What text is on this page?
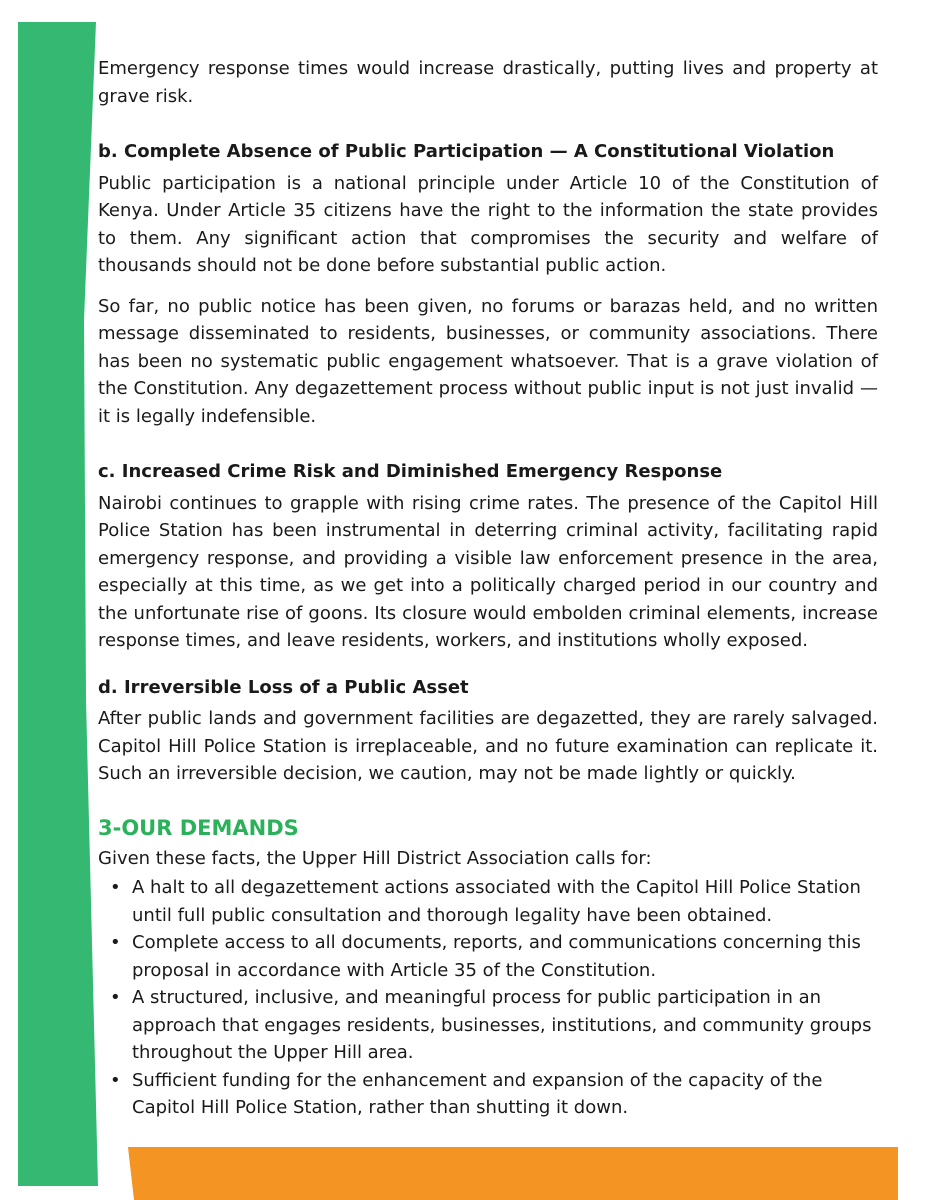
Emergency response times would increase drastically, putting lives and property at grave risk.

b. Complete Absence of Public Participation — A Constitutional Violation

Public participation is a national principle under Article 10 of the Constitution of Kenya. Under Article 35 citizens have the right to the information the state provides to them. Any significant action that compromises the security and welfare of thousands should not be done before substantial public action.

So far, no public notice has been given, no forums or barazas held, and no written message disseminated to residents, businesses, or community associations. There has been no systematic public engagement whatsoever. That is a grave violation of the Constitution. Any degazettement process without public input is not just invalid — it is legally indefensible.

c. Increased Crime Risk and Diminished Emergency Response

Nairobi continues to grapple with rising crime rates. The presence of the Capitol Hill Police Station has been instrumental in deterring criminal activity, facilitating rapid emergency response, and providing a visible law enforcement presence in the area, especially at this time, as we get into a politically charged period in our country and the unfortunate rise of goons. Its closure would embolden criminal elements, increase response times, and leave residents, workers, and institutions wholly exposed.

d. Irreversible Loss of a Public Asset

After public lands and government facilities are degazetted, they are rarely salvaged. Capitol Hill Police Station is irreplaceable, and no future examination can replicate it. Such an irreversible decision, we caution, may not be made lightly or quickly.

3-OUR DEMANDS

Given these facts, the Upper Hill District Association calls for:

• A halt to all degazettement actions associated with the Capitol Hill Police Station until full public consultation and thorough legality have been obtained.
• Complete access to all documents, reports, and communications concerning this proposal in accordance with Article 35 of the Constitution.
• A structured, inclusive, and meaningful process for public participation in an approach that engages residents, businesses, institutions, and community groups throughout the Upper Hill area.
• Sufficient funding for the enhancement and expansion of the capacity of the Capitol Hill Police Station, rather than shutting it down.
